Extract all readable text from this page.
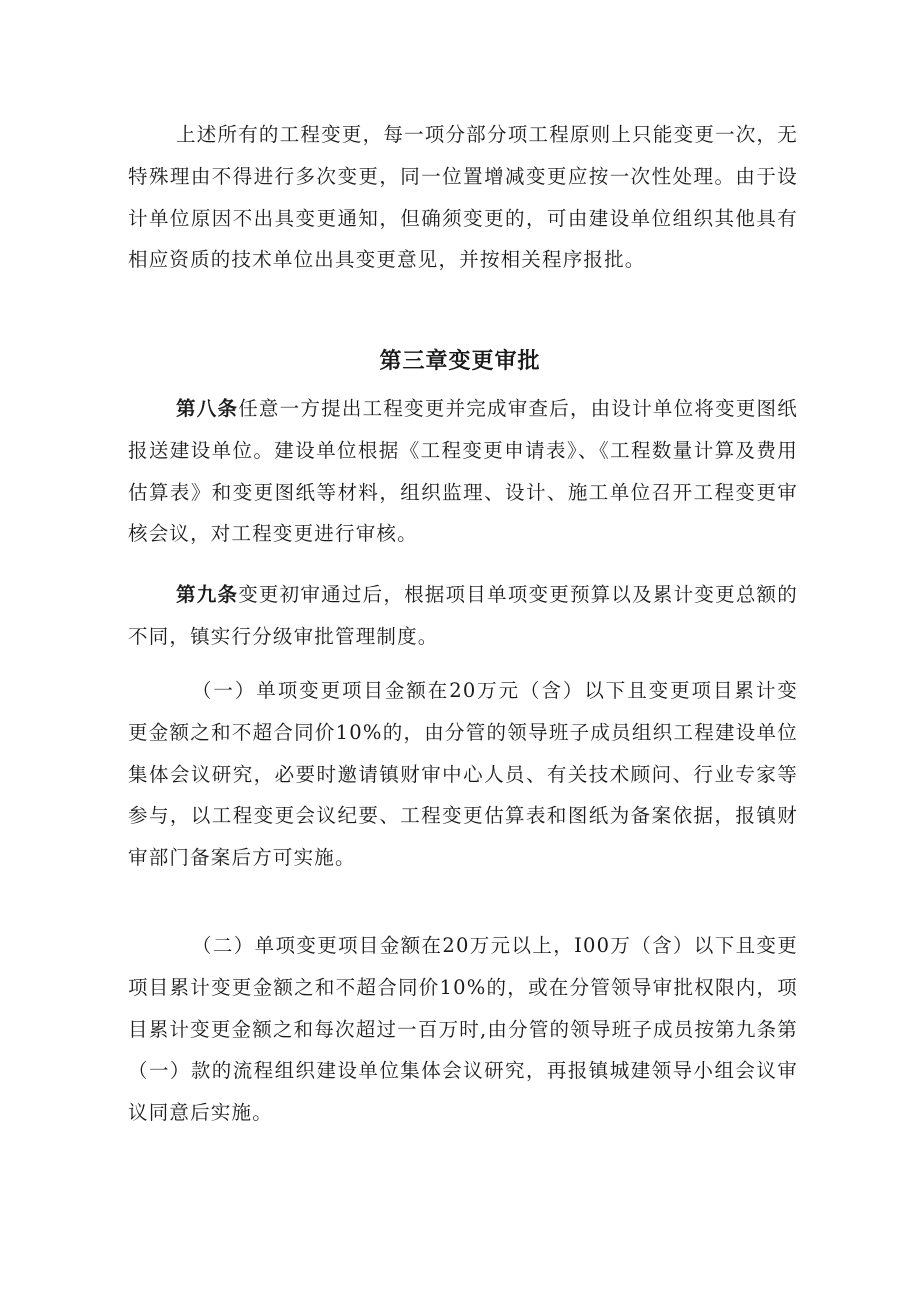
上述所有的工程变更，每一项分部分项工程原则上只能变更一次，无特殊理由不得进行多次变更，同一位置增减变更应按一次性处理。由于设计单位原因不出具变更通知，但确须变更的，可由建设单位组织其他具有相应资质的技术单位出具变更意见，并按相关程序报批。

第三章变更审批

第八条任意一方提出工程变更并完成审查后，由设计单位将变更图纸报送建设单位。建设单位根据《工程变更申请表》、《工程数量计算及费用估算表》和变更图纸等材料，组织监理、设计、施工单位召开工程变更审核会议，对工程变更进行审核。

第九条变更初审通过后，根据项目单项变更预算以及累计变更总额的不同，镇实行分级审批管理制度。

（一）单项变更项目金额在20万元（含）以下且变更项目累计变更金额之和不超合同价10%的，由分管的领导班子成员组织工程建设单位集体会议研究，必要时邀请镇财审中心人员、有关技术顾问、行业专家等参与，以工程变更会议纪要、工程变更估算表和图纸为备案依据，报镇财审部门备案后方可实施。

（二）单项变更项目金额在20万元以上，I00万（含）以下且变更项目累计变更金额之和不超合同价10%的，或在分管领导审批权限内，项目累计变更金额之和每次超过一百万时,由分管的领导班子成员按第九条第（一）款的流程组织建设单位集体会议研究，再报镇城建领导小组会议审议同意后实施。
